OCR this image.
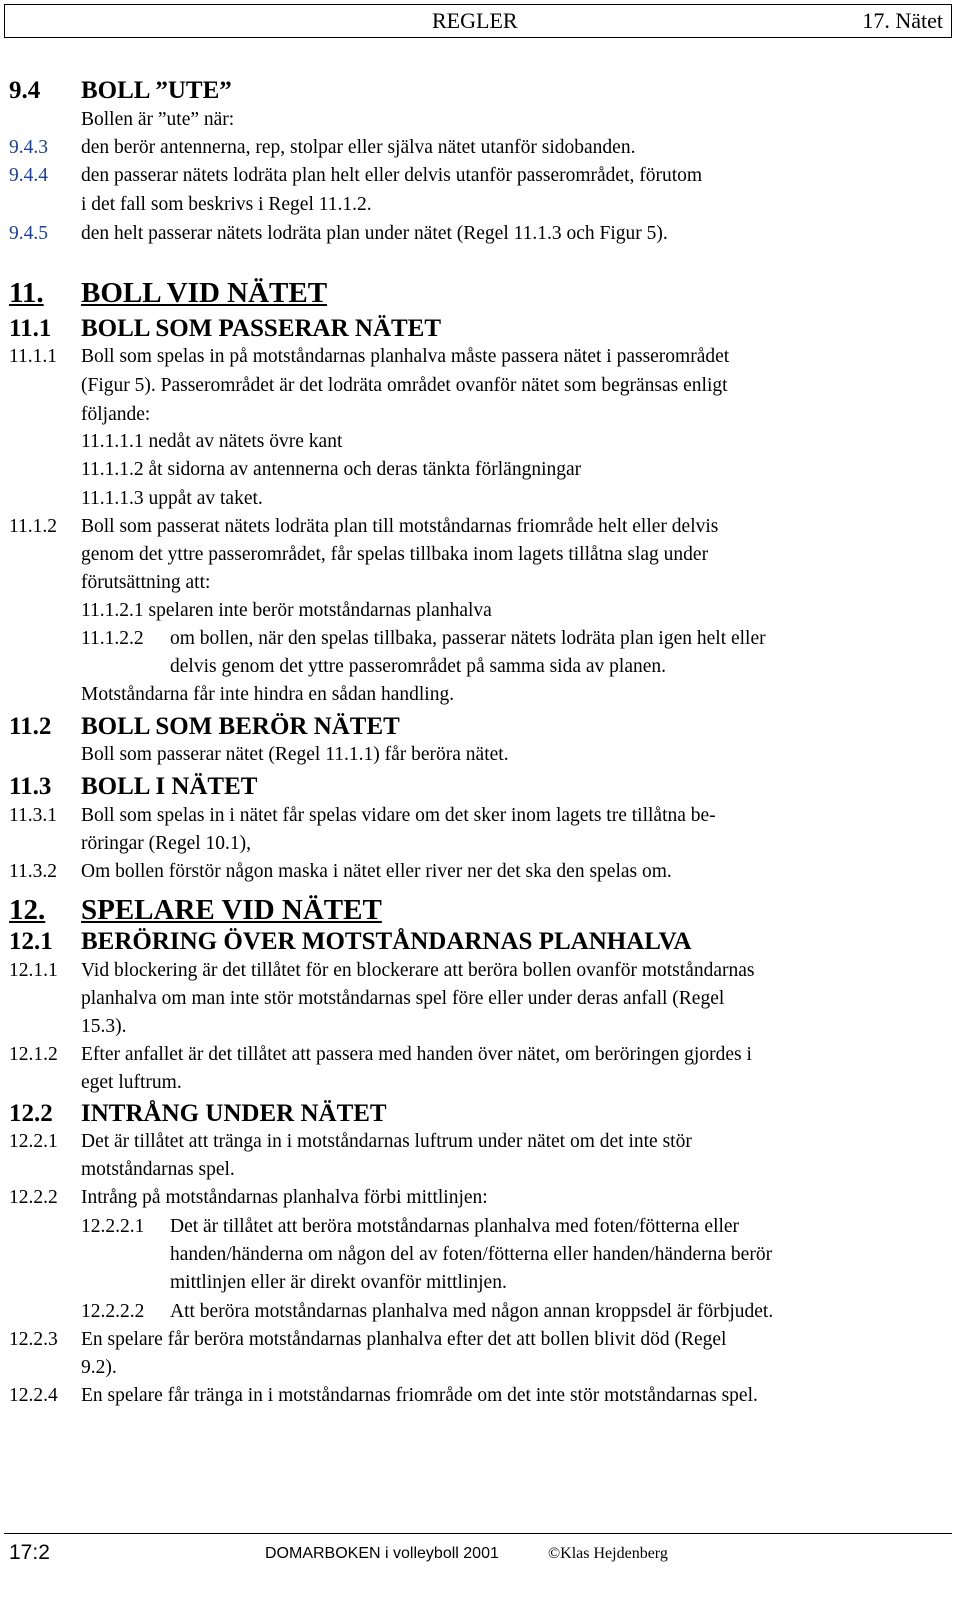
REGLER	17. Nätet
9.4 BOLL ”UTE”
Bollen är ”ute” när:
9.4.3 den berör antennerna, rep, stolpar eller själva nätet utanför sidobanden.
9.4.4 den passerar nätets lodräta plan helt eller delvis utanför passerområdet, förutom
i det fall som beskrivs i Regel 11.1.2.
9.4.5 den helt passerar nätets lodräta plan under nätet (Regel 11.1.3 och Figur 5).
11. BOLL VID NÄTET
11.1 BOLL SOM PASSERAR NÄTET
11.1.1 Boll som spelas in på motståndarnas planhalva måste passera nätet i passerområdet
(Figur 5). Passerområdet är det lodräta området ovanför nätet som begränsas enligt
följande:
11.1.1.1 nedåt av nätets övre kant
11.1.1.2 åt sidorna av antennerna och deras tänkta förlängningar
11.1.1.3 uppåt av taket.
11.1.2 Boll som passerat nätets lodräta plan till motståndarnas friområde helt eller delvis
genom det yttre passerområdet, får spelas tillbaka inom lagets tillåtna slag under
förutsättning att:
11.1.2.1 spelaren inte berör motståndarnas planhalva
11.1.2.2 om bollen, när den spelas tillbaka, passerar nätets lodräta plan igen helt eller
delvis genom det yttre passerområdet på samma sida av planen.
Motståndarna får inte hindra en sådan handling.
11.2 BOLL SOM BERÖR NÄTET
Boll som passerar nätet (Regel 11.1.1) får beröra nätet.
11.3 BOLL I NÄTET
11.3.1 Boll som spelas in i nätet får spelas vidare om det sker inom lagets tre tillåtna be-
röringar (Regel 10.1),
11.3.2 Om bollen förstör någon maska i nätet eller river ner det ska den spelas om.
12. SPELARE VID NÄTET
12.1 BERÖRING ÖVER MOTSTÅNDARNAS PLANHALVA
12.1.1 Vid blockering är det tillåtet för en blockerare att beröra bollen ovanför motståndarnas
planhalva om man inte stör motståndarnas spel före eller under deras anfall (Regel
15.3).
12.1.2 Efter anfallet är det tillåtet att passera med handen över nätet, om beröringen gjordes i
eget luftrum.
12.2 INTRÅNG UNDER NÄTET
12.2.1 Det är tillåtet att tränga in i motståndarnas luftrum under nätet om det inte stör
motståndarnas spel.
12.2.2 Intrång på motståndarnas planhalva förbi mittlinjen:
12.2.2.1 Det är tillåtet att beröra motståndarnas planhalva med foten/fötterna eller
handen/händerna om någon del av foten/fötterna eller handen/händerna berör
mittlinjen eller är direkt ovanför mittlinjen.
12.2.2.2 Att beröra motståndarnas planhalva med någon annan kroppsdel är förbjudet.
12.2.3 En spelare får beröra motståndarnas planhalva efter det att bollen blivit död (Regel
9.2).
12.2.4 En spelare får tränga in i motståndarnas friområde om det inte stör motståndarnas spel.
17:2	DOMARBOKEN i volleyboll 2001	©Klas Hejdenberg
